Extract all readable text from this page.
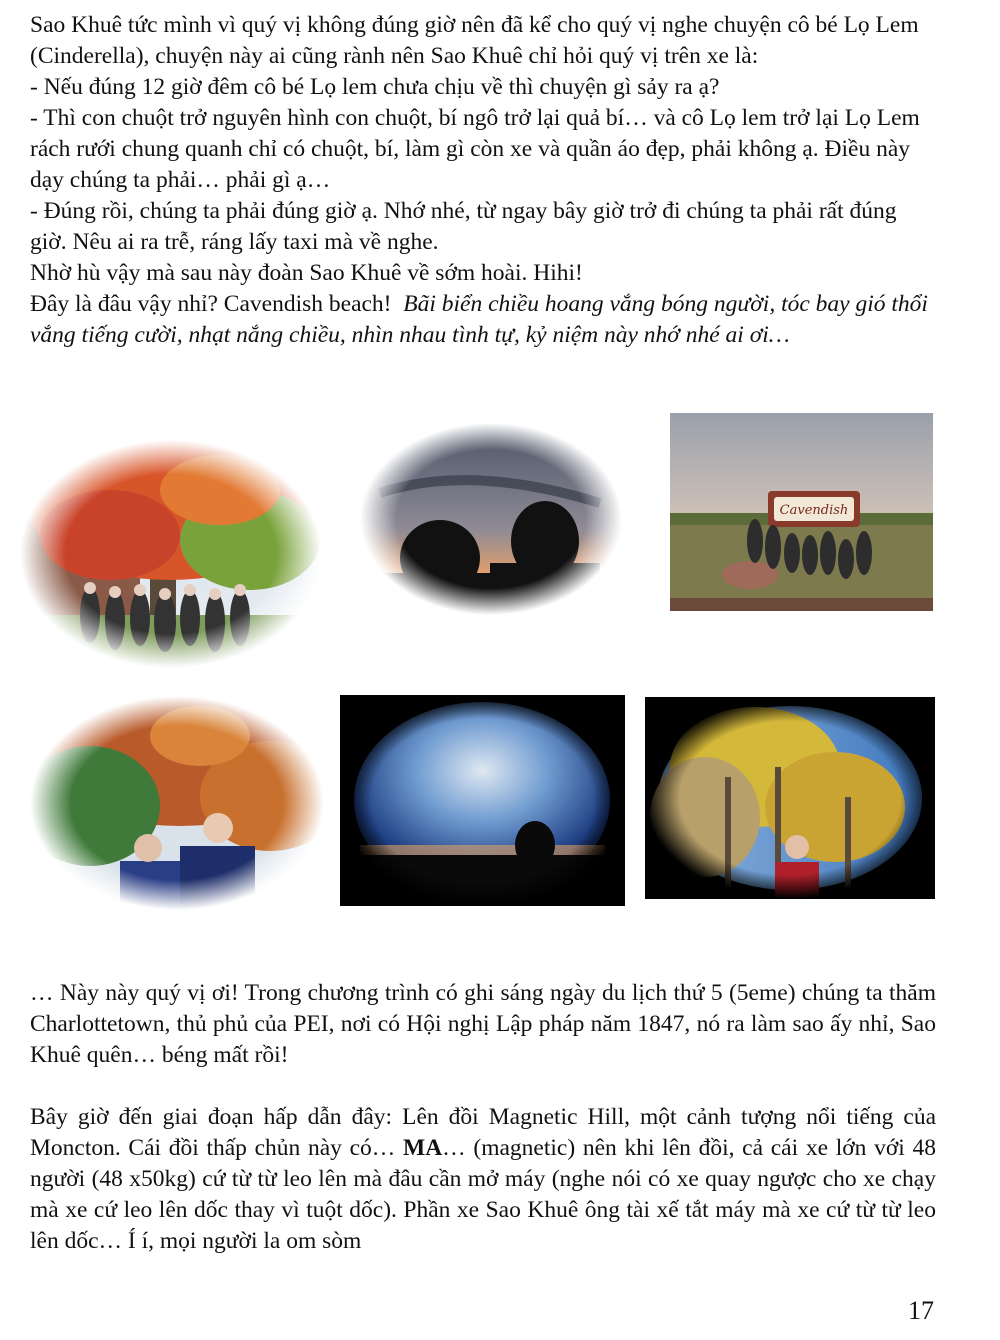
Sao Khuê tức mình vì quý vị không đúng giờ nên đã kể cho quý vị nghe chuyện cô bé Lọ Lem (Cinderella), chuyện này ai cũng rành nên Sao Khuê chỉ hỏi quý vị trên xe là:

- Nếu đúng 12 giờ đêm cô bé Lọ lem chưa chịu về thì chuyện gì sảy ra ạ?

- Thì con chuột trở nguyên hình con chuột, bí ngô trở lại quả bí… và cô Lọ lem trở lại Lọ Lem rách rưới chung quanh chỉ có chuột, bí, làm gì còn xe và quần áo đẹp, phải không ạ. Điều này dạy chúng ta phải… phải gì ạ…

- Đúng rồi, chúng ta phải đúng giờ ạ. Nhớ nhé, từ ngay bây giờ trở đi chúng ta phải rất đúng giờ. Nêu ai ra trễ, ráng lấy taxi mà về nghe.

Nhờ hù vậy mà sau này đoàn Sao Khuê về sớm hoài. Hihi!

Đây là đâu vậy nhỉ? Cavendish beach! Bãi biển chiều hoang vắng bóng người, tóc bay gió thổi vắng tiếng cười, nhạt nắng chiều, nhìn nhau tình tự, kỷ niệm này nhớ nhé ai ơi…

Cavendish

… Này này quý vị ơi! Trong chương trình có ghi sáng ngày du lịch thứ 5 (5eme) chúng ta thăm Charlottetown, thủ phủ của PEI, nơi có Hội nghị Lập pháp năm 1847, nó ra làm sao ấy nhỉ, Sao Khuê quên… béng mất rồi!

Bây giờ đến giai đoạn hấp dẫn đây: Lên đồi Magnetic Hill, một cảnh tượng nổi tiếng của Moncton. Cái đồi thấp chủn này có… MA… (magnetic) nên khi lên đồi, cả cái xe lớn với 48 người (48 x50kg) cứ từ từ leo lên mà đâu cần mở máy (nghe nói có xe quay ngược cho xe chạy mà xe cứ leo lên dốc thay vì tuột dốc). Phần xe Sao Khuê ông tài xế tắt máy mà xe cứ từ từ leo lên dốc… Í í, mọi người la om sòm

17
